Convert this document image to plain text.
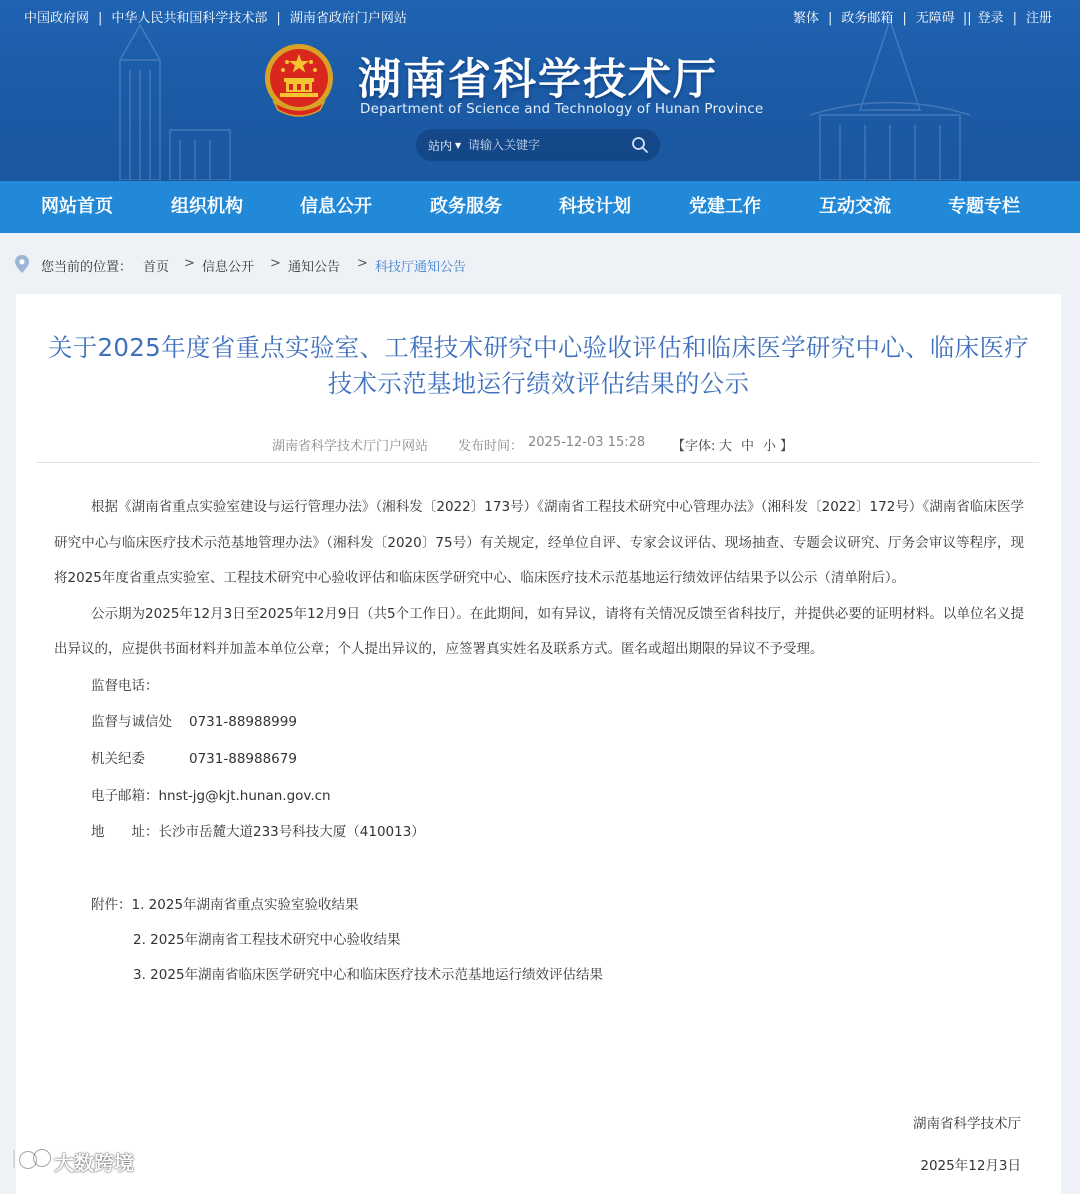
中国政府网 | 中华人民共和国科学技术部 | 湖南省政府门户网站	繁体 | 政务邮箱 | 无障碍 || 登录 | 注册
湖南省科学技术厅
Department of Science and Technology of Hunan Province
站内 ▼
请输入关键字
网站首页	组织机构	信息公开	政务服务	科技计划	党建工作	互动交流	专题专栏
您当前的位置： 首页 > 信息公开 > 通知公告 > 科技厅通知公告
关于2025年度省重点实验室、工程技术研究中心验收评估和临床医学研究中心、临床医疗技术示范基地运行绩效评估结果的公示
湖南省科学技术厅门户网站 发布时间： 2025-12-03 15:28 【字体: 大 中 小 】

根据《湖南省重点实验室建设与运行管理办法》（湘科发〔2022〕173号）《湖南省工程技术研究中心管理办法》（湘科发〔2022〕172号）《湖南省临床医学研究中心与临床医疗技术示范基地管理办法》（湘科发〔2020〕75号）有关规定，经单位自评、专家会议评估、现场抽查、专题会议研究、厅务会审议等程序，现将2025年度省重点实验室、工程技术研究中心验收评估和临床医学研究中心、临床医疗技术示范基地运行绩效评估结果予以公示（清单附后）。

公示期为2025年12月3日至2025年12月9日（共5个工作日）。在此期间，如有异议，请将有关情况反馈至省科技厅，并提供必要的证明材料。以单位名义提出异议的，应提供书面材料并加盖本单位公章；个人提出异议的，应签署真实姓名及联系方式。匿名或超出期限的异议不予受理。

监督电话：

监督与诚信处 0731-88988999

机关纪委	0731-88988679

电子邮箱：hnst-jg@kjt.hunan.gov.cn

地　　址：长沙市岳麓大道233号科技大厦（410013）

附件：1. 2025年湖南省重点实验室验收结果

2. 2025年湖南省工程技术研究中心验收结果

3. 2025年湖南省临床医学研究中心和临床医疗技术示范基地运行绩效评估结果

湖南省科学技术厅
2025年12月3日
大数跨境
